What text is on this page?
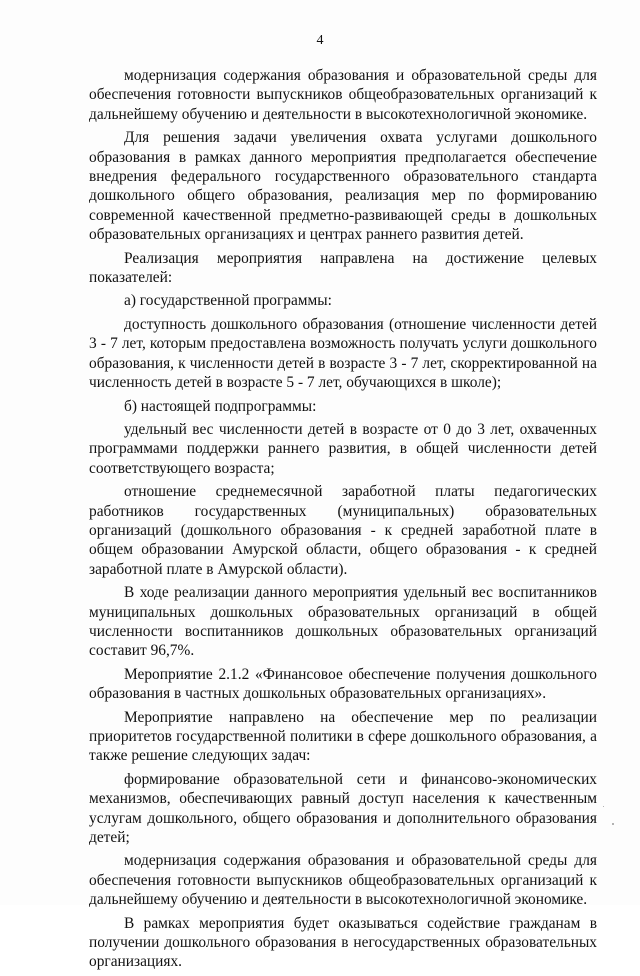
4

модернизация содержания образования и образовательной среды для обеспечения готовности выпускников общеобразовательных организаций к дальнейшему обучению и деятельности в высокотехнологичной экономике.

Для решения задачи увеличения охвата услугами дошкольного образования в рамках данного мероприятия предполагается обеспечение внедрения федерального государственного образовательного стандарта дошкольного общего образования, реализация мер по формированию современной качественной предметно-развивающей среды в дошкольных образовательных организациях и центрах раннего развития детей.

Реализация мероприятия направлена на достижение целевых показателей:

а) государственной программы:

доступность дошкольного образования (отношение численности детей 3 - 7 лет, которым предоставлена возможность получать услуги дошкольного образования, к численности детей в возрасте 3 - 7 лет, скорректированной на численность детей в возрасте 5 - 7 лет, обучающихся в школе);

б) настоящей подпрограммы:

удельный вес численности детей в возрасте от 0 до 3 лет, охваченных программами поддержки раннего развития, в общей численности детей соответствующего возраста;

отношение среднемесячной заработной платы педагогических работников государственных (муниципальных) образовательных организаций (дошкольного образования - к средней заработной плате в общем образовании Амурской области, общего образования - к средней заработной плате в Амурской области).

В ходе реализации данного мероприятия удельный вес воспитанников муниципальных дошкольных образовательных организаций в общей численности воспитанников дошкольных образовательных организаций составит 96,7%.

Мероприятие 2.1.2 «Финансовое обеспечение получения дошкольного образования в частных дошкольных образовательных организациях».

Мероприятие направлено на обеспечение мер по реализации приоритетов государственной политики в сфере дошкольного образования, а также решение следующих задач:

формирование образовательной сети и финансово-экономических механизмов, обеспечивающих равный доступ населения к качественным услугам дошкольного, общего образования и дополнительного образования детей;

модернизация содержания образования и образовательной среды для обеспечения готовности выпускников общеобразовательных организаций к дальнейшему обучению и деятельности в высокотехнологичной экономике.

В рамках мероприятия будет оказываться содействие гражданам в получении дошкольного образования в негосударственных образовательных организациях.
